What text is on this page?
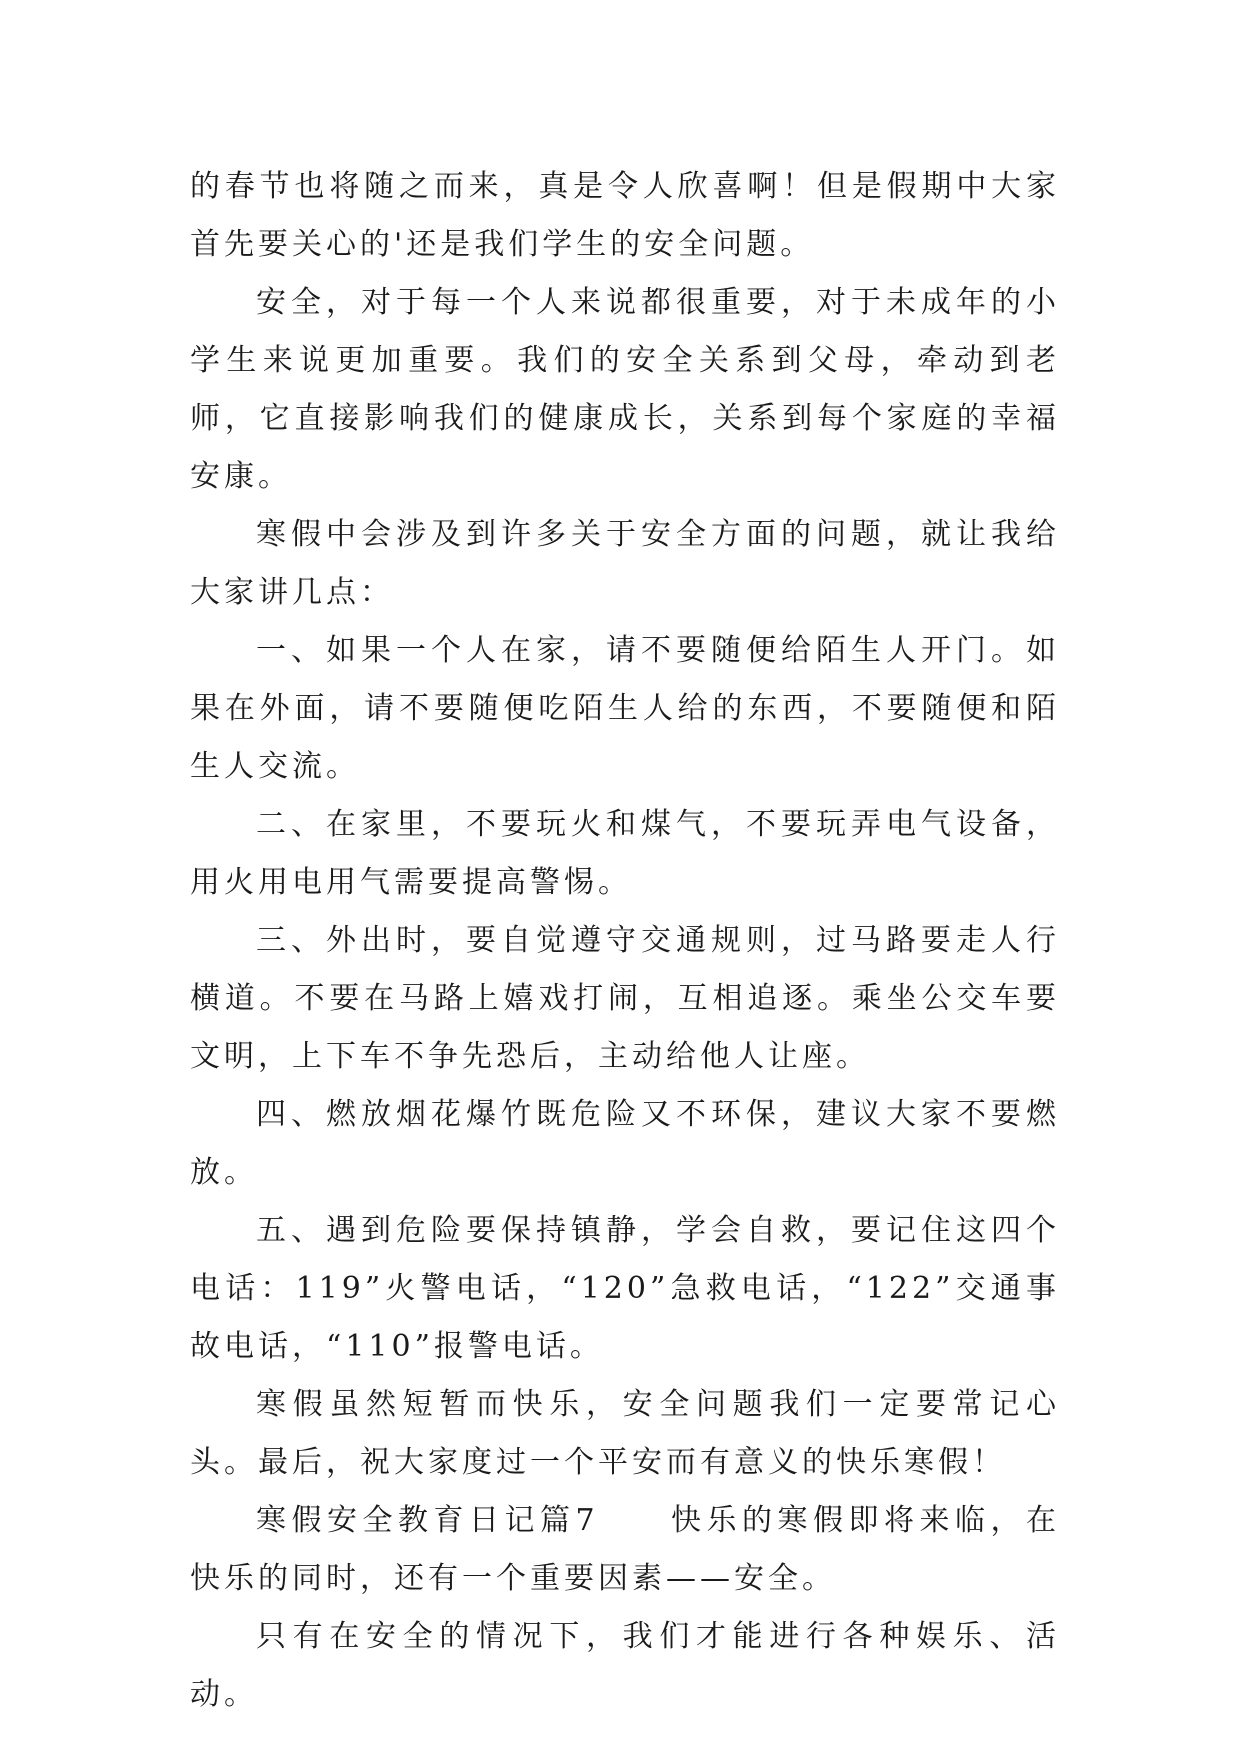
的春节也将随之而来，真是令人欣喜啊！但是假期中大家首先要关心的'还是我们学生的安全问题。

安全，对于每一个人来说都很重要，对于未成年的小学生来说更加重要。我们的安全关系到父母，牵动到老师，它直接影响我们的健康成长，关系到每个家庭的幸福安康。

寒假中会涉及到许多关于安全方面的问题，就让我给大家讲几点：

一、如果一个人在家，请不要随便给陌生人开门。如果在外面，请不要随便吃陌生人给的东西，不要随便和陌生人交流。

二、在家里，不要玩火和煤气，不要玩弄电气设备，用火用电用气需要提高警惕。

三、外出时，要自觉遵守交通规则，过马路要走人行横道。不要在马路上嬉戏打闹，互相追逐。乘坐公交车要文明，上下车不争先恐后，主动给他人让座。

四、燃放烟花爆竹既危险又不环保，建议大家不要燃放。

五、遇到危险要保持镇静，学会自救，要记住这四个电话：119”火警电话，“120”急救电话，“122”交通事故电话，“110”报警电话。

寒假虽然短暂而快乐，安全问题我们一定要常记心头。最后，祝大家度过一个平安而有意义的快乐寒假！

寒假安全教育日记篇7　　快乐的寒假即将来临，在快乐的同时，还有一个重要因素——安全。

只有在安全的情况下，我们才能进行各种娱乐、活动。
